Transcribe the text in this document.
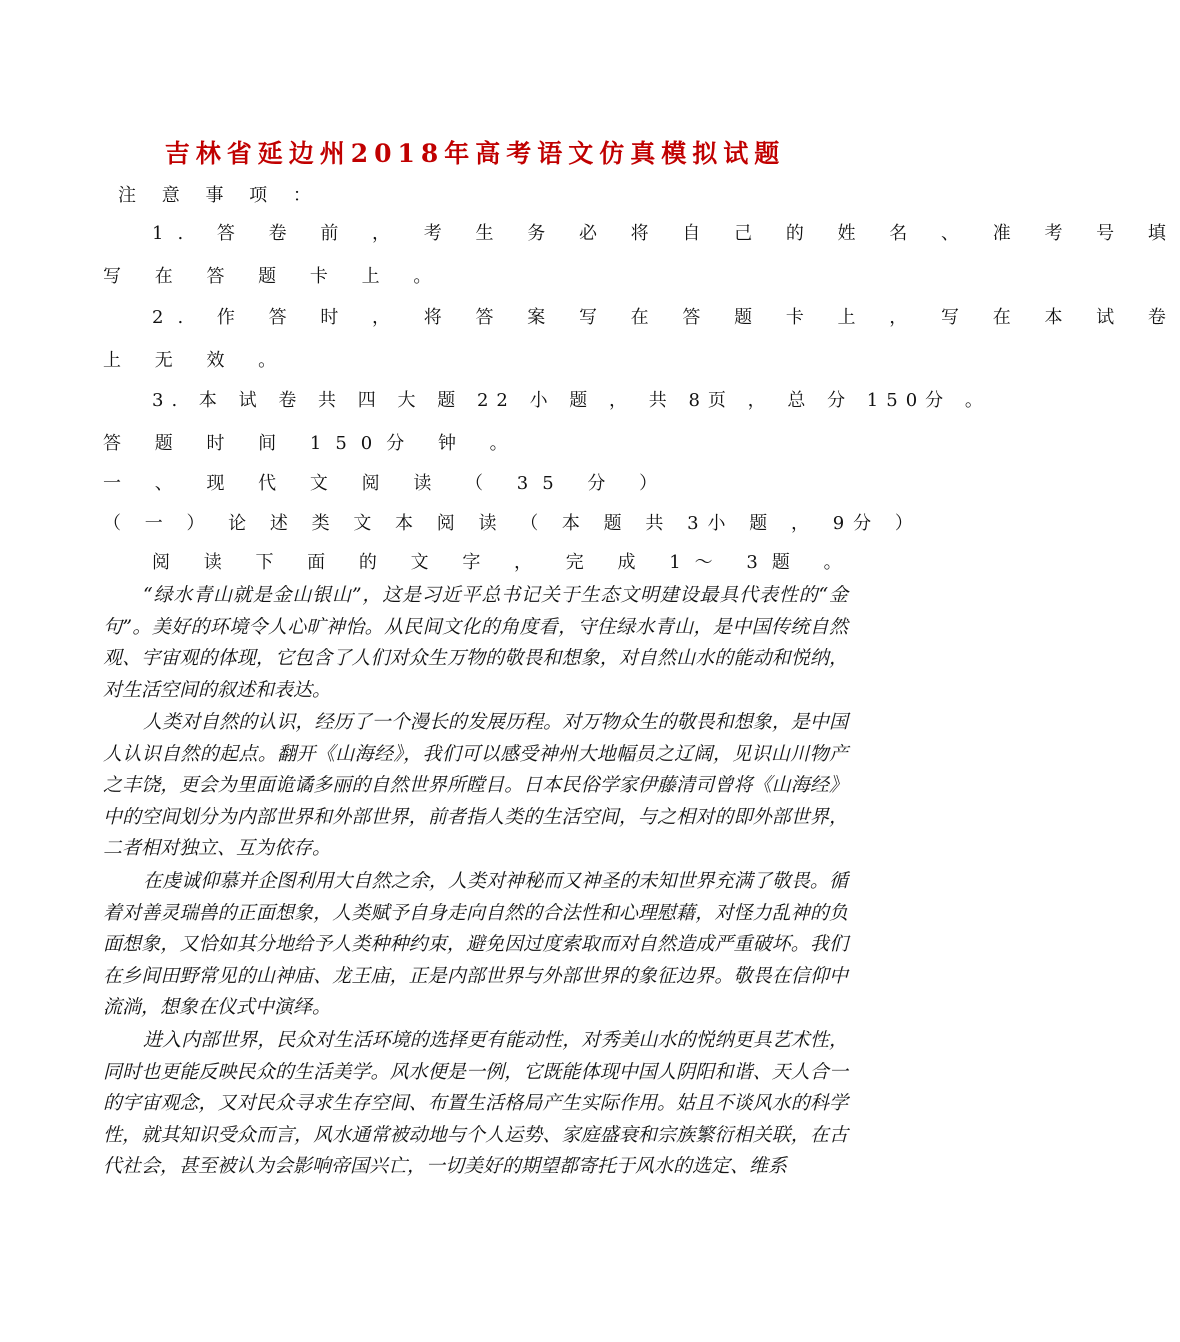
吉林省延边州2018年高考语文仿真模拟试题
注 意 事 项 ：
1. 答 卷 前 ， 考 生 务 必 将 自 己 的 姓 名 、 准 考 号 填
写 在 答 题 卡 上 。
2. 作 答 时 ， 将 答 案 写 在 答 题 卡 上 ， 写 在 本 试 卷
上 无 效 。
3. 本 试 卷 共 四 大 题 22 小 题 ， 共 8页 ， 总 分 150分 。
答 题 时 间 150分 钟 。
一 、 现 代 文 阅 读 （ 35 分 ）
（ 一 ） 论 述 类 文 本 阅 读 （ 本 题 共 3小 题 ， 9分 ）
阅 读 下 面 的 文 字 ， 完 成 1～ 3题 。
“绿水青山就是金山银山”，这是习近平总书记关于生态文明建设最具代表性的“金句”。美好的环境令人心旷神怡。从民间文化的角度看，守住绿水青山，是中国传统自然观、宇宙观的体现，它包含了人们对众生万物的敬畏和想象，对自然山水的能动和悦纳，对生活空间的叙述和表达。
人类对自然的认识，经历了一个漫长的发展历程。对万物众生的敬畏和想象，是中国人认识自然的起点。翻开《山海经》，我们可以感受神州大地幅员之辽阔，见识山川物产之丰饶，更会为里面诡谲多丽的自然世界所瞠目。日本民俗学家伊藤清司曾将《山海经》中的空间划分为内部世界和外部世界，前者指人类的生活空间，与之相对的即外部世界，二者相对独立、互为依存。
在虔诚仰慕并企图利用大自然之余，人类对神秘而又神圣的未知世界充满了敬畏。循着对善灵瑞兽的正面想象，人类赋予自身走向自然的合法性和心理慰藉，对怪力乱神的负面想象，又恰如其分地给予人类种种约束，避免因过度索取而对自然造成严重破坏。我们在乡间田野常见的山神庙、龙王庙，正是内部世界与外部世界的象征边界。敬畏在信仰中流淌，想象在仪式中演绎。
进入内部世界，民众对生活环境的选择更有能动性，对秀美山水的悦纳更具艺术性，同时也更能反映民众的生活美学。风水便是一例，它既能体现中国人阴阳和谐、天人合一的宇宙观念，又对民众寻求生存空间、布置生活格局产生实际作用。姑且不谈风水的科学性，就其知识受众而言，风水通常被动地与个人运势、家庭盛衰和宗族繁衍相关联，在古代社会，甚至被认为会影响帝国兴亡，一切美好的期望都寄托于风水的选定、维系
